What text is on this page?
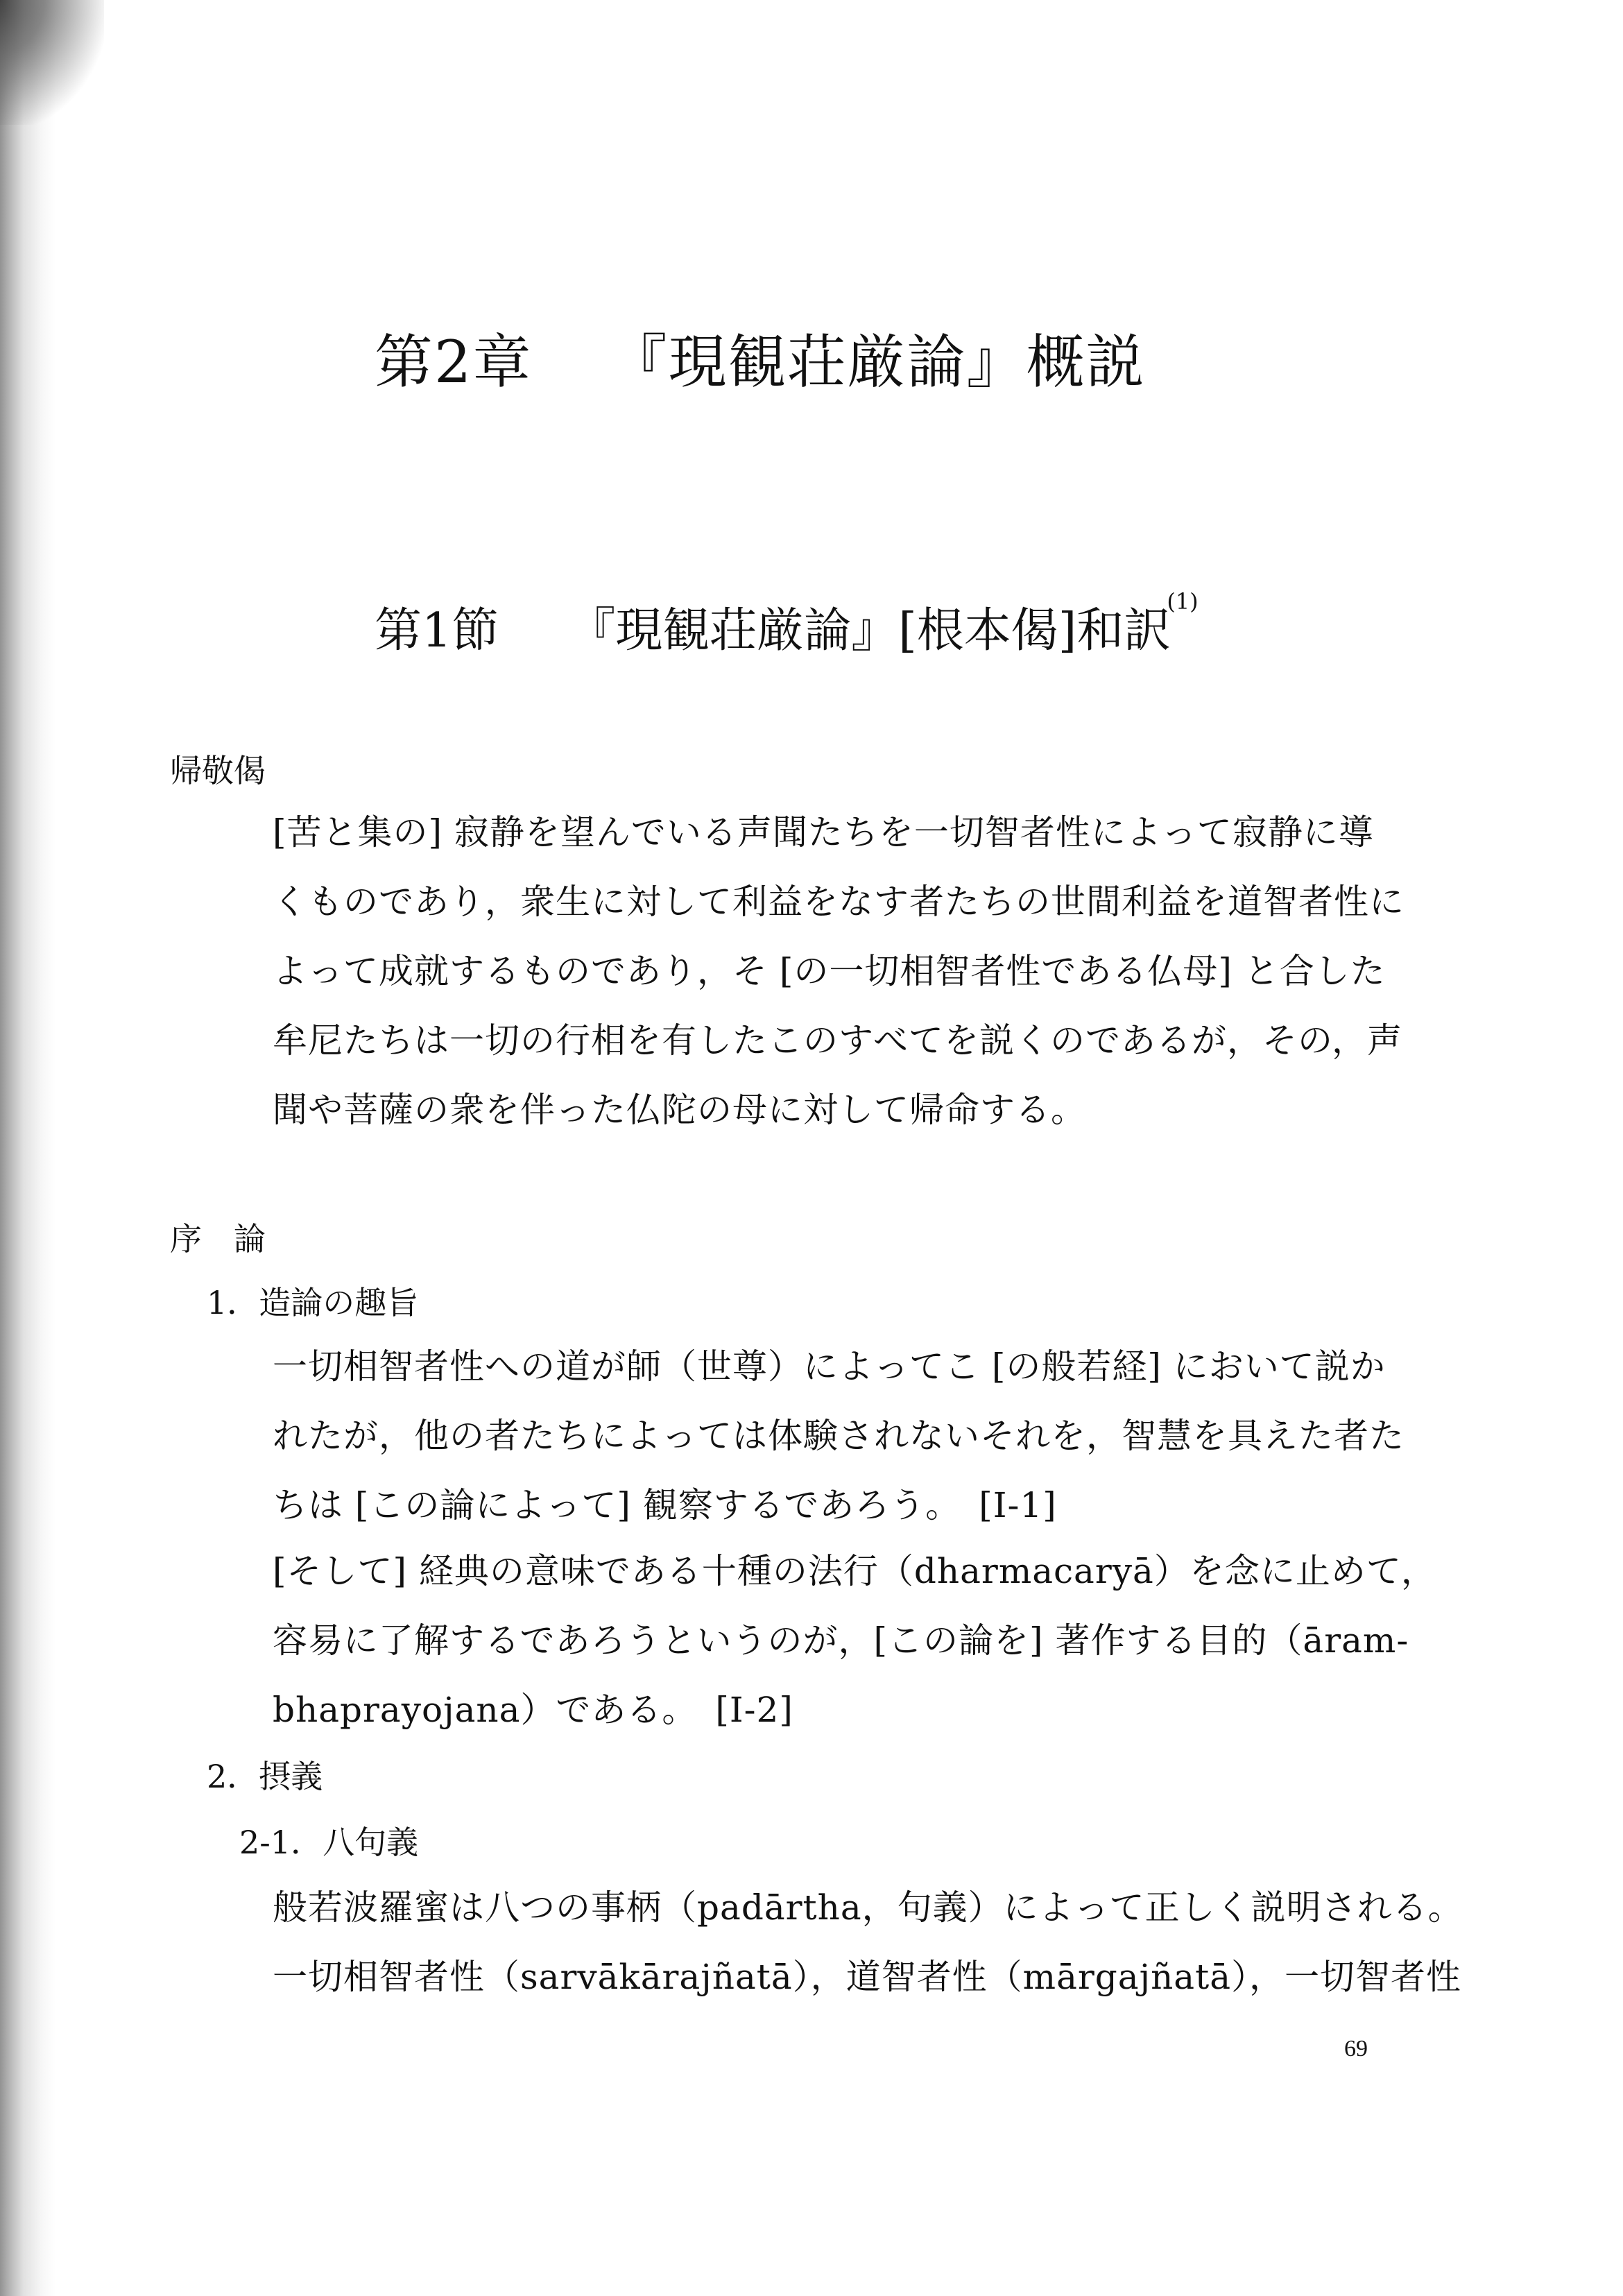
第2章 『現観荘厳論』概説
第1節 『現観荘厳論』[根本偈]和訳$^{(1)}$
帰敬偈
[苦と集の] 寂静を望んでいる声聞たちを一切智者性によって寂静に導
くものであり，衆生に対して利益をなす者たちの世間利益を道智者性に
よって成就するものであり，そ [の一切相智者性である仏母] と合した
牟尼たちは一切の行相を有したこのすべてを説くのであるが，その，声
聞や菩薩の衆を伴った仏陀の母に対して帰命する。
序　論
1．造論の趣旨
一切相智者性への道が師（世尊）によってこ [の般若経] において説か
れたが，他の者たちによっては体験されないそれを，智慧を具えた者た
ちは [この論によって] 観察するであろう。　[I-1]
[そして] 経典の意味である十種の法行（dharmacaryā）を念に止めて，
容易に了解するであろうというのが，[この論を] 著作する目的（āram-
bhaprayojana）である。　[I-2]
2．摂義
2-1．八句義
般若波羅蜜は八つの事柄（padārtha，句義）によって正しく説明される。
一切相智者性（sarvākārajñatā），道智者性（mārgajñatā），一切智者性
69
